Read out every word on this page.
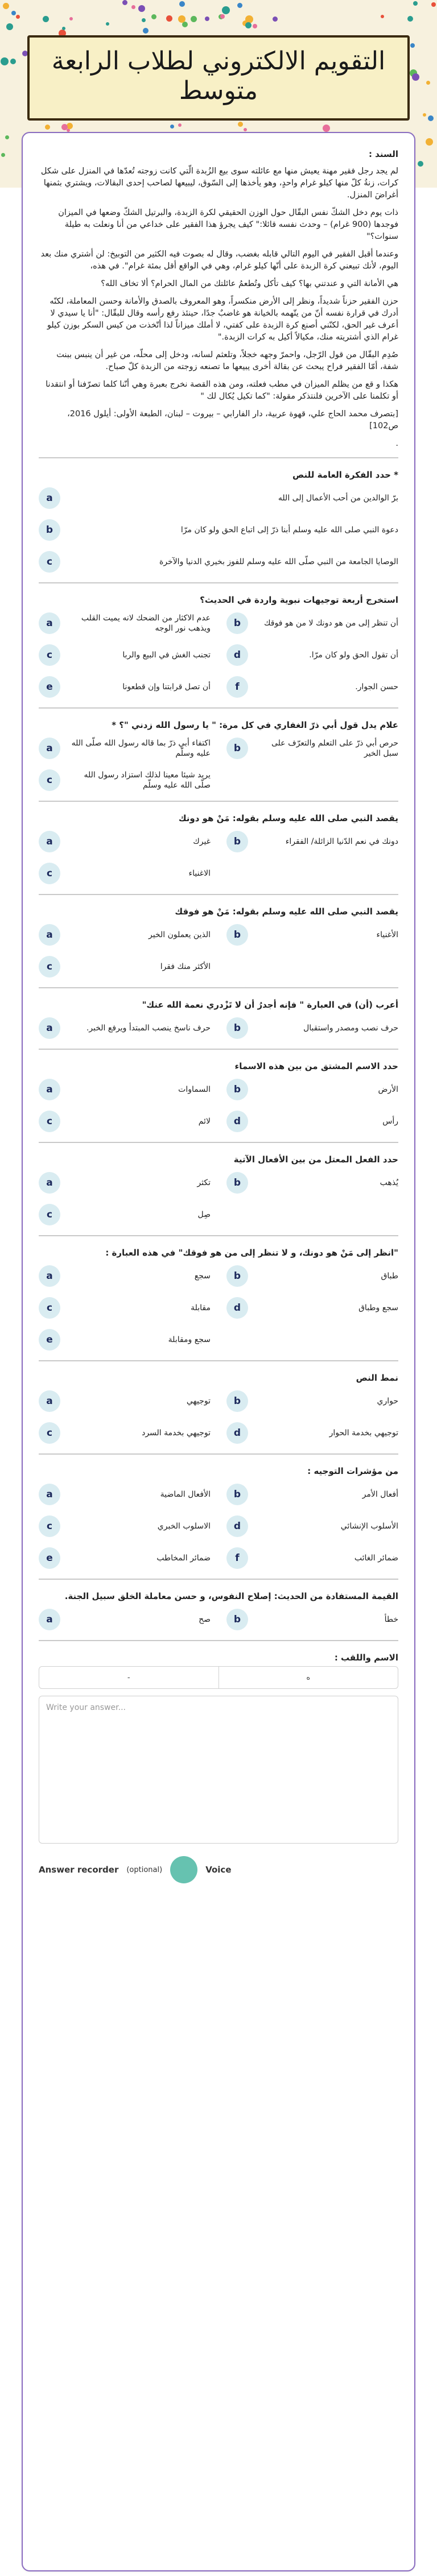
التقويم الالكتروني لطلاب الرابعة متوسط
السند :
لم يجد رجل فقير مهنة يعيش منها مع عائلته سوى بيع الزُبدة الّتي كانت زوجته تُعدّها في المنزل على شكل كرات، زنةُ كلّ منها كيلو غرام واحدٍ، وهو يأخذها إلى السّوق، ليبيعها لصاحب إحدى البقالات، ويشتري بثمنها أغراضَ المنزل.
ذات يوم دخل الشكّ نفس البقّال حول الوزن الحقيقي لكرة الزبدة، والبرتيل الشكّ وضعها في الميزان فوجدها (900 غرام) – وحدث نفسه قائلا:" كيف يجرؤ هذا الفقير على خداعي من أنا ونعلت به طيلة سنوات؟"
وعندما أقبل الفقير في اليوم التالي قابله بغضب، وقال له بصوت فيه الكثير من التوبيخ: لن أشتري منك بعد اليوم، لأنك تبيعني كرة الزبدة على أنّها كيلو غرام، وهي في الواقع أقل بمئة غرام". في هذه،
هي الأمانة التي و عندتني بها؟ كيف تأكل وتُطعمُ عائلتك من المال الحرام؟ ألا تخاف الله؟
حزن الفقير حزناً شديداً، ونظر إلى الأرض منكسراً، وهو المعروف بالصدق والأمانة وحسن المعاملة، لكنّه أدرك في قرارة نفسه أنّ من يتّهمه بالخيانة هو غاضبٌ جدًا، حينئذ رفع رأسه وقال للبقّال: "أنا يا سيدي لا أعرف غير الحق، لكنّني أصنع كرة الزبدة على كفتي، لا أملك ميزاناً لذا أتّخذت من كيس السكر بوزن كيلو غرام الذي أشتريته منك، مكيالاً أكيل به كرات الزبدة."
صُدِم البقّال من قول الرّجل، واحمرّ وجهه خجلاً، وتلعثم لسانه، ودخل إلى محلّه، من غير أن ينبس ببنت شفة، أمّا الفقير فراح يبحث عن بقالة أخرى يبيعها ما تصنعه زوجته من الزبدة كلّ صباح.
هكذا و قع من يظلم الميزان في مطب فعلته، ومن هذه القصة نخرج بعبرة وهي أنّنا كلما تصرّفنا أو انتقدنا أو تكلمنا على الآخرين فلنتذكر مقولة: "كما تكيل يُكال لك "
[بتصرف محمد الحاج علي، قهوة عربية، دار الفارابي – بيروت – لبنان، الطبعة الأولى: أيلول 2016، ص102]
.
* حدد الفكرة العامة للنص
a	برّ الوالدين من أحب الأعمال إلى الله
b	دعوة النبي صلى الله عليه وسلم أبنا ذرّ إلى اتباع الحق ولو كان مرّا
c	الوصايا الجامعة من النبي صلّى الله عليه وسلم للفوز بخيري الدنيا والآخرة
استخرج أربعة توجيهات نبوية واردة في الحديث؟
a	عدم الاكثار من الضحك لانه يميت القلب ويذهب نور الوجه	b	أن تنظر إلى من هو دونك لا من هو فوقك
c	تجنب الغش في البيع والربا	d	أن تقول الحق ولو كان مرّا.
e	أن تصل قرابتنا وإن قطعونا	f	حسن الجوار.
علام يدل قول أبي ذرّ الغفاري في كل مرة: " يا رسول الله زدني "؟ *
a	اكتفاء أبي ذرّ بما قاله رسول الله صلّى الله عليه وسلّم	b	حرص أبي ذرّ على التعلم والتعرّف على سبل الخير
c	يريد شيئا معينا لذلك استزاد رسول الله صلّى الله عليه وسلّم
يقصد النبي صلى الله عليه وسلم بقوله: مَنْ هو دونك
a	غيرك	b	دونك في نعم الدّنيا الزائلة/ الفقراء
c	الاغنياء
يقصد النبي صلى الله عليه وسلم بقوله: مَنْ هو فوقك
a	الذين يعملون الخير	b	الأغنياء
c	الأكثر منك فقرا
أعرب (أن) في العبارة " فإنه أجدرُ أن لا تَزْدري نعمة الله عنك"
a	حرف ناسخ ينصب المبتدأ ويرفع الخبر.	b	حرف نصب ومصدر واستقبال
حدد الاسم المشتق من بين هذه الاسماء
a	السماوات	b	الأرض
c	لائم	d	رأس
حدد الفعل المعتل من بين الأفعال الآتية
a	تكثر	b	يُذهب
c	صِل
"انظر إلى مَنْ هو دونك، و لا تنظر إلى من هو فوقك" في هذه العبارة :
a	سجع	b	طباق
c	مقابلة	d	سجع وطباق
e	سجع ومقابلة
نمط النص
a	توجيهي	b	حواري
c	توجيهي بخدمة السرد	d	توجيهي بخدمة الحوار
من مؤشرات التوجيه :
a	الأفعال الماضية	b	أفعال الأمر
c	الاسلوب الخبري	d	الأسلوب الإنشائي
e	ضمائر المخاطب	f	ضمائر الغائب
القيمة المستفادة من الحديث: إصلاح النفوس، و حسن معاملة الخلق سبيل الجنة.
a	صح	b	خطأ
الاسم واللقب :
-	ه
Write your answer...
Answer recorder (optional)	Voice
